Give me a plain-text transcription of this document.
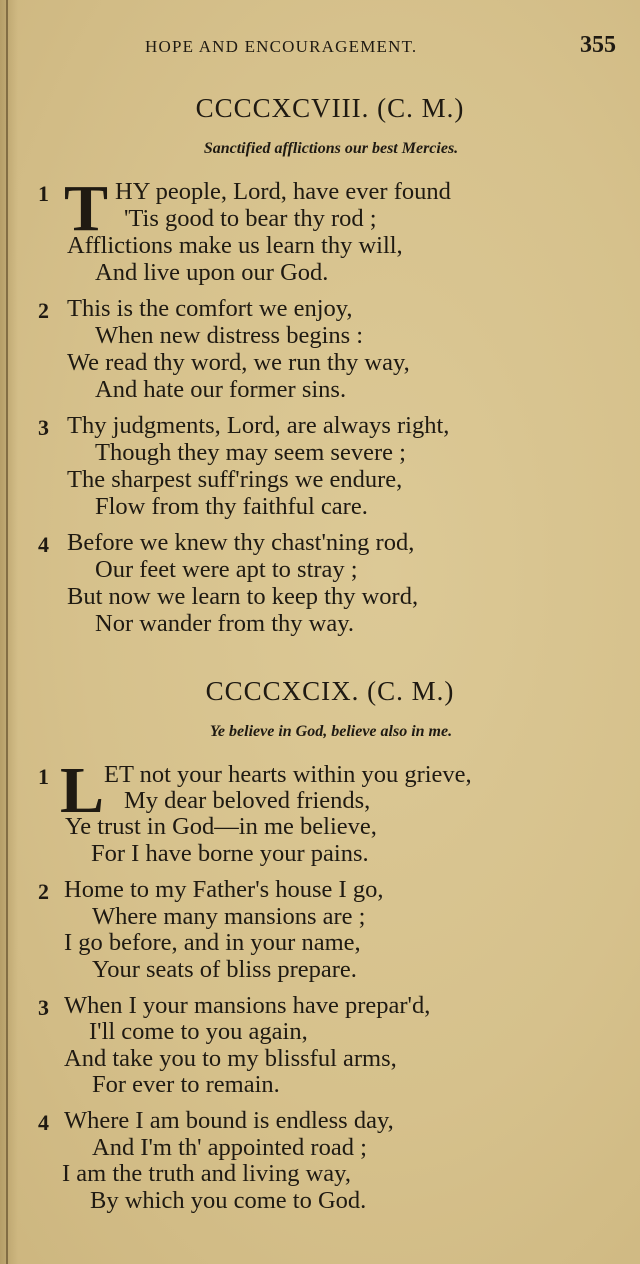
HOPE AND ENCOURAGEMENT.	355
CCCCXCVIII. (C. M.)
Sanctified afflictions our best Mercies.
1 T HY people, Lord, have ever found
'Tis good to bear thy rod ;
Afflictions make us learn thy will,
And live upon our God.
2 This is the comfort we enjoy,
When new distress begins :
We read thy word, we run thy way,
And hate our former sins.
3 Thy judgments, Lord, are always right,
Though they may seem severe ;
The sharpest suff'rings we endure,
Flow from thy faithful care.
4 Before we knew thy chast'ning rod,
Our feet were apt to stray ;
But now we learn to keep thy word,
Nor wander from thy way.
CCCCXCIX. (C. M.)
Ye believe in God, believe also in me.
1 L ET not your hearts within you grieve,
My dear beloved friends,
Ye trust in God—in me believe,
For I have borne your pains.
2 Home to my Father's house I go,
Where many mansions are ;
I go before, and in your name,
Your seats of bliss prepare.
3 When I your mansions have prepar'd,
I'll come to you again,
And take you to my blissful arms,
For ever to remain.
4 Where I am bound is endless day,
And I'm th' appointed road ;
I am the truth and living way,
By which you come to God.
